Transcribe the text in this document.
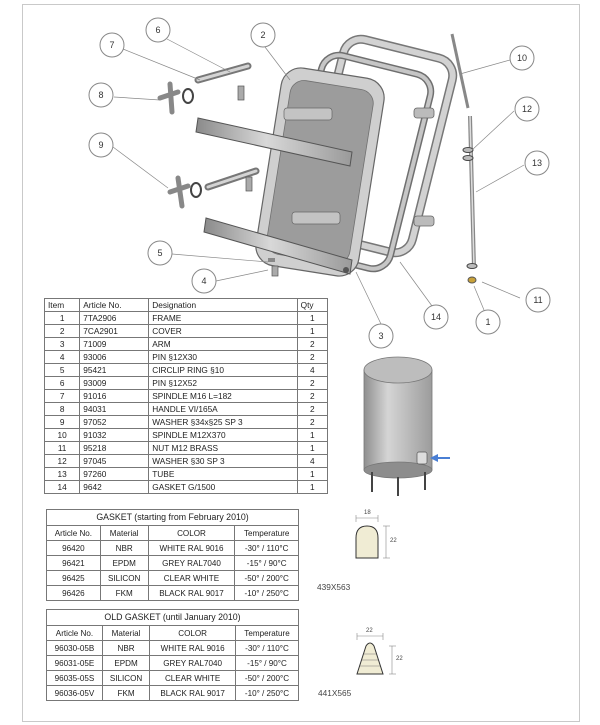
1
2
3
4
5
6
7
8
9
10
11
12
13
14
18
22
439X563
22
22
441X565
Item	Article No.	Designation	Qty
1	7TA2906	FRAME	1
2	7CA2901	COVER	1
3	71009	ARM	2
4	93006	PIN §12X30	2
5	95421	CIRCLIP RING §10	4
6	93009	PIN §12X52	2
7	91016	SPINDLE M16 L=182	2
8	94031	HANDLE VI/165A	2
9	97052	WASHER §34x§25 SP 3	2
10	91032	SPINDLE M12X370	1
11	95218	NUT M12 BRASS	1
12	97045	WASHER §30 SP 3	4
13	97260	TUBE	1
14	9642	GASKET G/1500	1
GASKET (starting from February 2010)			
Article No.	Material	COLOR	Temperature
96420	NBR	WHITE RAL 9016	-30° / 110°C
96421	EPDM	GREY RAL7040	-15° / 90°C
96425	SILICON	CLEAR WHITE	-50° / 200°C
96426	FKM	BLACK RAL 9017	-10° / 250°C
OLD GASKET (until January 2010)			
Article No.	Material	COLOR	Temperature
96030-05B	NBR	WHITE RAL 9016	-30° / 110°C
96031-05E	EPDM	GREY RAL7040	-15° / 90°C
96035-05S	SILICON	CLEAR WHITE	-50° / 200°C
96036-05V	FKM	BLACK RAL 9017	-10° / 250°C
